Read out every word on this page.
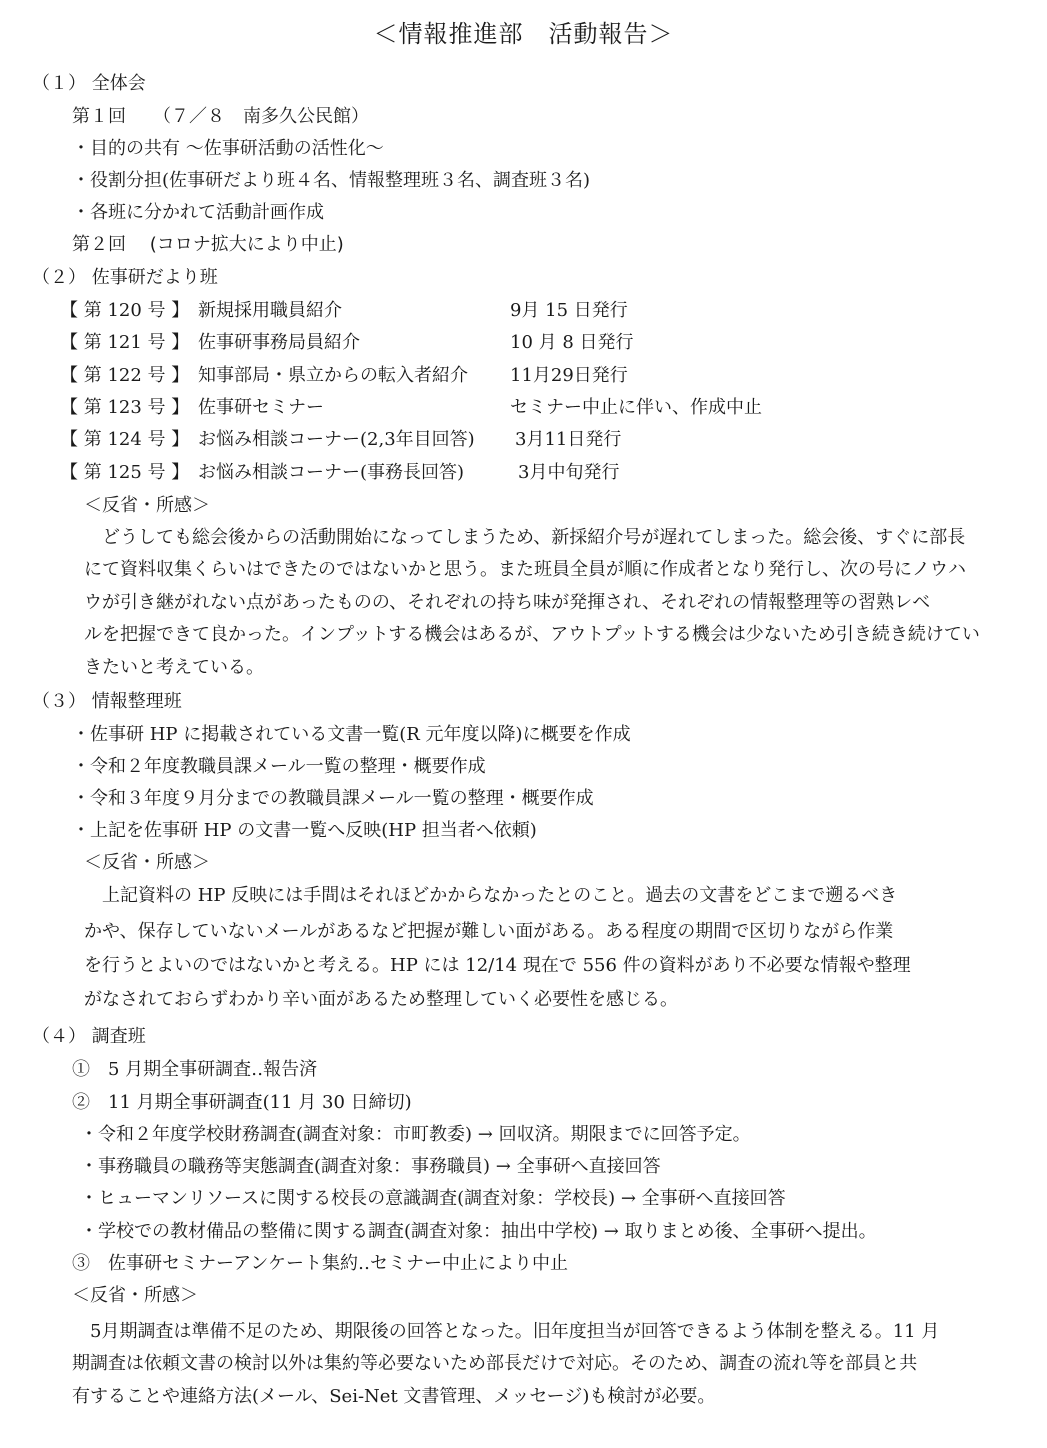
＜情報推進部　活動報告＞
（１） 全体会
第１回　　（７／８　南多久公民館）
・目的の共有 〜佐事研活動の活性化〜
・役割分担(佐事研だより班４名、情報整理班３名、調査班３名)
・各班に分かれて活動計画作成
第２回　 (コロナ拡大により中止)
（２） 佐事研だより班
【 第 120 号 】 新規採用職員紹介	9月 15 日発行
【 第 121 号 】 佐事研事務局員紹介	10 月 8 日発行
【 第 122 号 】 知事部局・県立からの転入者紹介 11月29日発行
【 第 123 号 】 佐事研セミナー	セミナー中止に伴い、作成中止
【 第 124 号 】 お悩み相談コーナー(2,3年目回答) 3月11日発行
【 第 125 号 】 お悩み相談コーナー(事務長回答)	3月中旬発行
＜反省・所感＞
　どうしても総会後からの活動開始になってしまうため、新採紹介号が遅れてしまった。総会後、すぐに部長
にて資料収集くらいはできたのではないかと思う。また班員全員が順に作成者となり発行し、次の号にノウハ
ウが引き継がれない点があったものの、それぞれの持ち味が発揮され、それぞれの情報整理等の習熟レベ
ルを把握できて良かった。インプットする機会はあるが、アウトプットする機会は少ないため引き続き続けてい
きたいと考えている。
（３） 情報整理班
・佐事研 HP に掲載されている文書一覧(R 元年度以降)に概要を作成
・令和２年度教職員課メール一覧の整理・概要作成
・令和３年度９月分までの教職員課メール一覧の整理・概要作成
・上記を佐事研 HP の文書一覧へ反映(HP 担当者へ依頼)
＜反省・所感＞
　上記資料の HP 反映には手間はそれほどかからなかったとのこと。過去の文書をどこまで遡るべき
かや、保存していないメールがあるなど把握が難しい面がある。ある程度の期間で区切りながら作業
を行うとよいのではないかと考える。HP には 12/14 現在で 556 件の資料があり不必要な情報や整理
がなされておらずわかり辛い面があるため整理していく必要性を感じる。
（４） 調査班
①　5 月期全事研調査‥報告済
②　11 月期全事研調査(11 月 30 日締切)
・令和２年度学校財務調査(調査対象：市町教委) → 回収済。期限までに回答予定。
・事務職員の職務等実態調査(調査対象：事務職員) → 全事研へ直接回答
・ヒューマンリソースに関する校長の意識調査(調査対象：学校長) → 全事研へ直接回答
・学校での教材備品の整備に関する調査(調査対象：抽出中学校) → 取りまとめ後、全事研へ提出。
③　佐事研セミナーアンケート集約‥セミナー中止により中止
＜反省・所感＞
　5月期調査は準備不足のため、期限後の回答となった。旧年度担当が回答できるよう体制を整える。11 月
期調査は依頼文書の検討以外は集約等必要ないため部長だけで対応。そのため、調査の流れ等を部員と共
有することや連絡方法(メール、Sei-Net 文書管理、メッセージ)も検討が必要。
